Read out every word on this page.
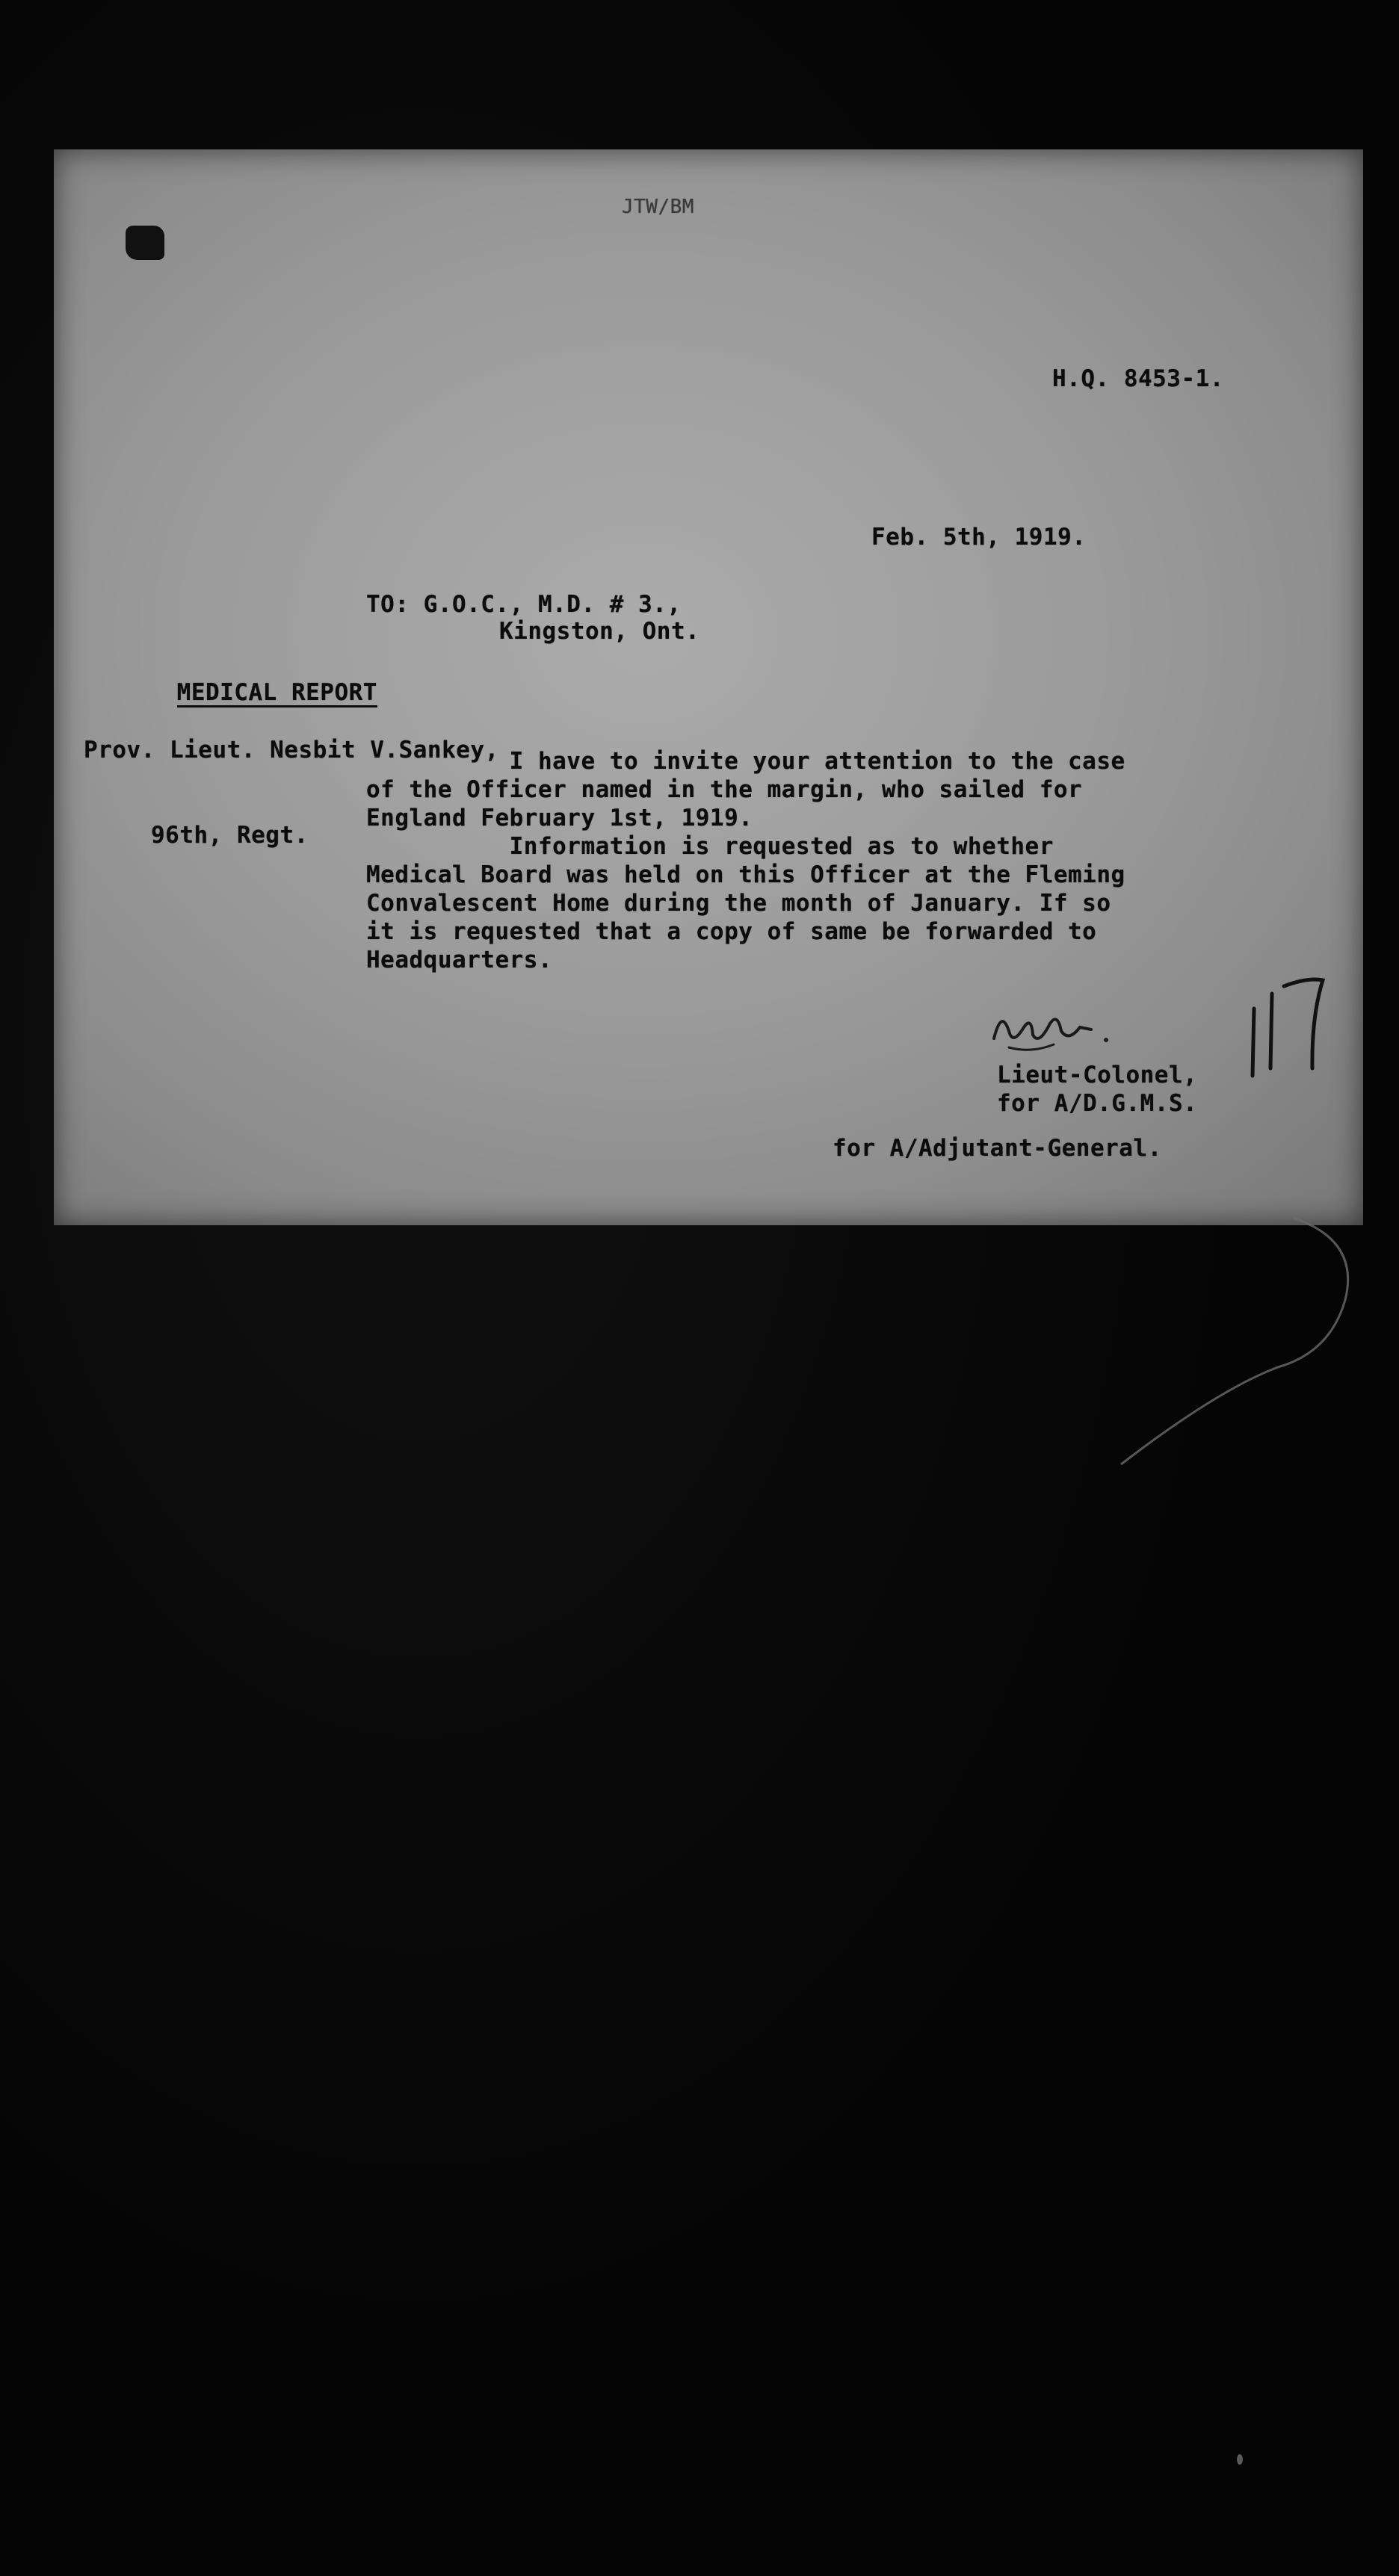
JTW/BM
H.Q. 8453-1.
Feb. 5th, 1919.
TO: G.O.C., M.D. # 3.,
Kingston, Ont.

MEDICAL REPORT

Prov. Lieut. Nesbit V.Sankey,

96th, Regt.

I have to invite your attention to the case
of the Officer named in the margin, who sailed for
England February 1st, 1919.
Information is requested as to whether
Medical Board was held on this Officer at the Fleming
Convalescent Home during the month of January. If so
it is requested that a copy of same be forwarded to
Headquarters.
Lieut-Colonel,
for A/D.G.M.S.
for A/Adjutant-General.
